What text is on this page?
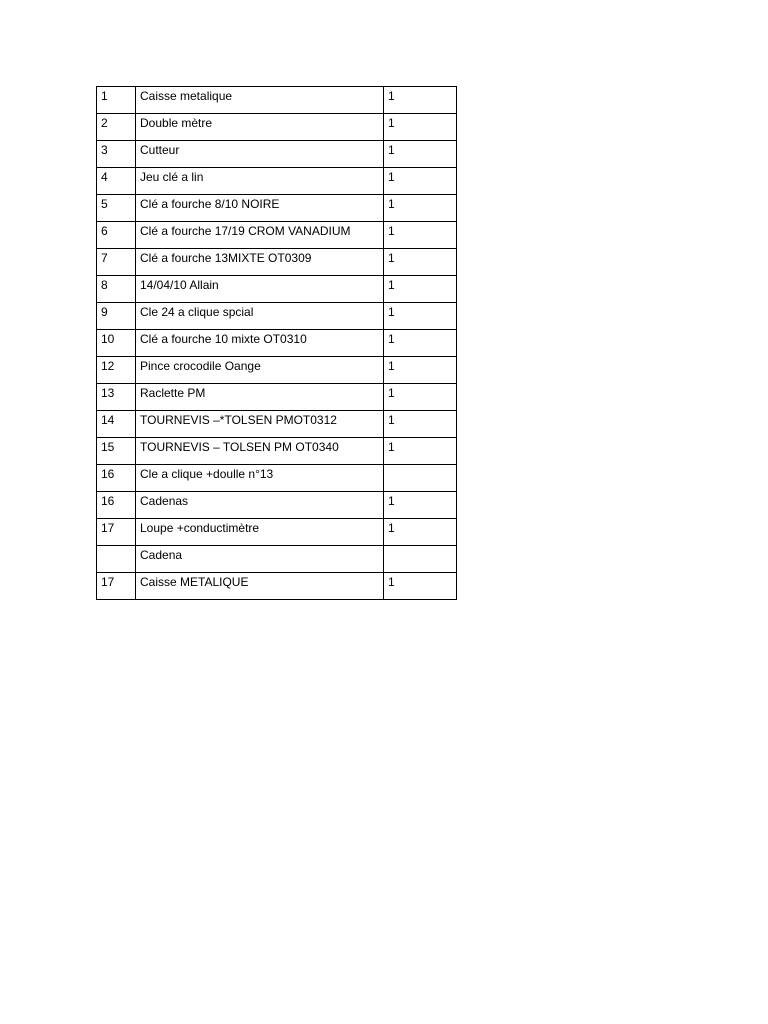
1	Caisse metalique	1
2	Double mètre	1
3	Cutteur	1
4	Jeu clé a lin	1
5	Clé a fourche 8/10 NOIRE	1
6	Clé a fourche 17/19 CROM VANADIUM	1
7	Clé a fourche 13MIXTE OT0309	1
8	14/04/10 Allain	1
9	Cle 24 a clique spcial	1
10	Clé a fourche 10 mixte OT0310	1
12	Pince crocodile Oange	1
13	Raclette PM	1
14	TOURNEVIS –*TOLSEN PMOT0312	1
15	TOURNEVIS – TOLSEN PM OT0340	1
16	Cle a clique +doulle n°13	
16	Cadenas	1
17	Loupe +conductimètre	1
	Cadena	
17	Caisse METALIQUE	1
